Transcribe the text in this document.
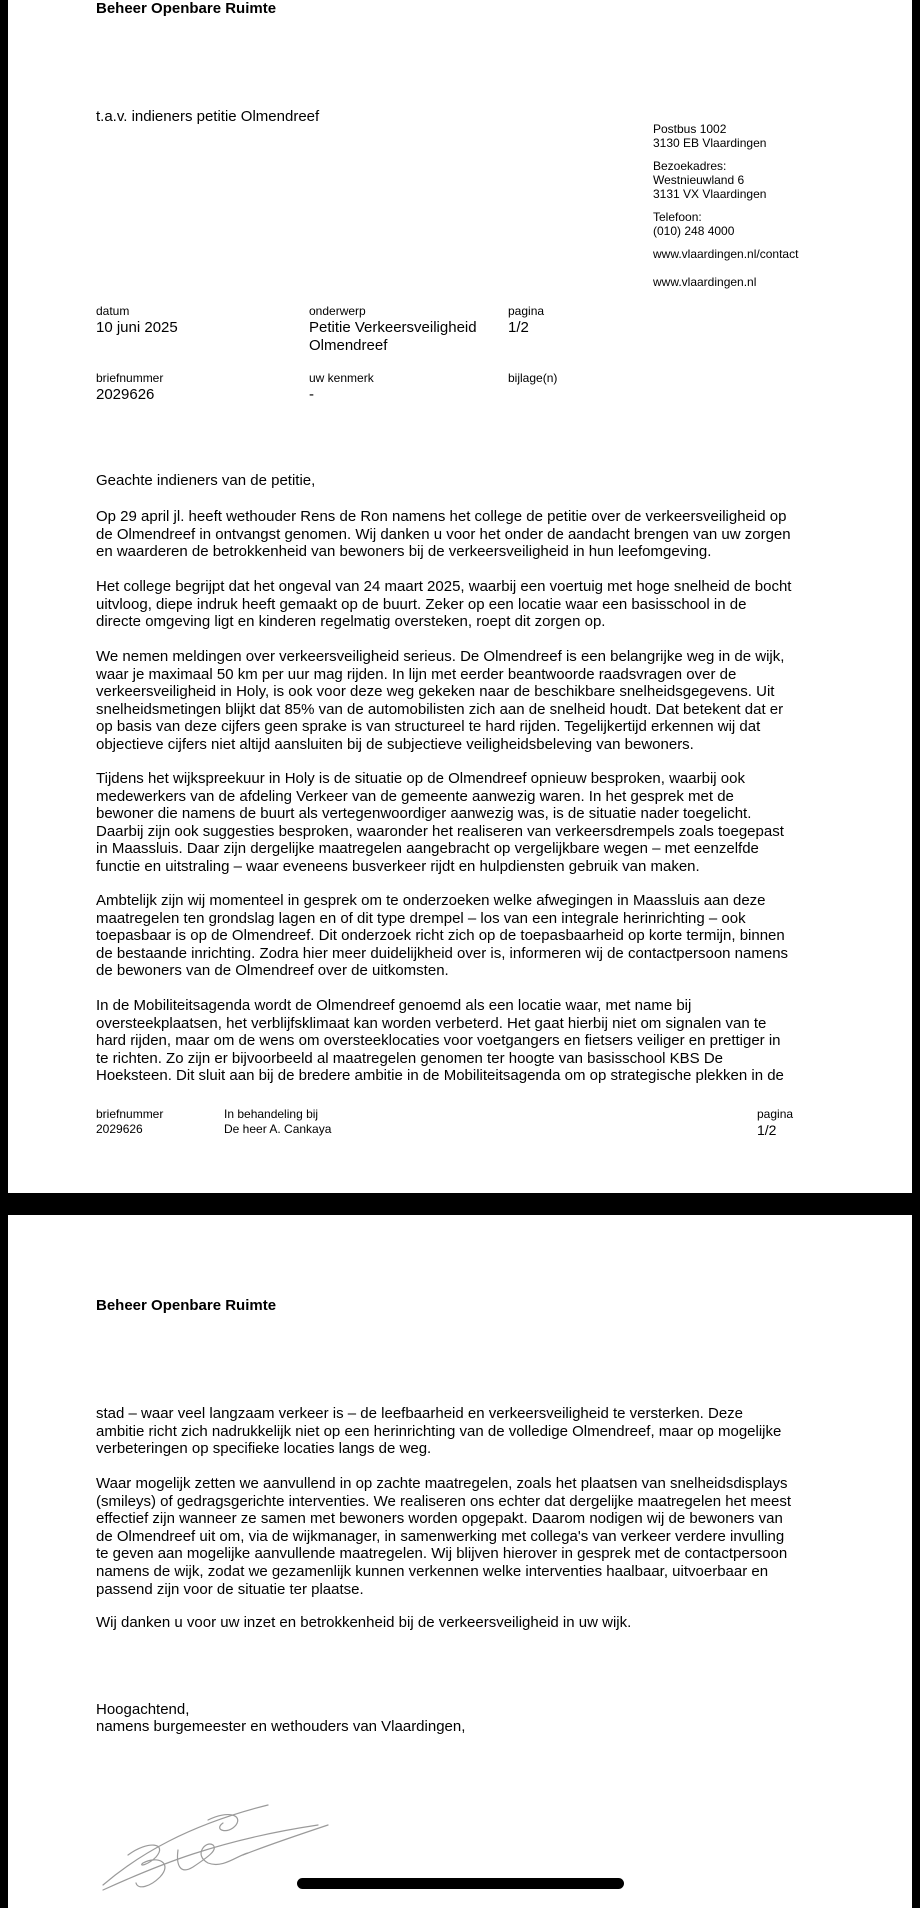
Beheer Openbare Ruimte

t.a.v. indieners petitie Olmendreef

Postbus 1002
3130 EB Vlaardingen

Bezoekadres:
Westnieuwland 6
3131 VX Vlaardingen

Telefoon:
(010) 248 4000

www.vlaardingen.nl/contact

www.vlaardingen.nl

datum

10 juni 2025

onderwerp

Petitie Verkeersveiligheid
Olmendreef

pagina

1/2

briefnummer

2029626

uw kenmerk

-

bijlage(n)

Geachte indieners van de petitie,

Op 29 april jl. heeft wethouder Rens de Ron namens het college de petitie over de verkeersveiligheid op
de Olmendreef in ontvangst genomen. Wij danken u voor het onder de aandacht brengen van uw zorgen
en waarderen de betrokkenheid van bewoners bij de verkeersveiligheid in hun leefomgeving.
Het college begrijpt dat het ongeval van 24 maart 2025, waarbij een voertuig met hoge snelheid de bocht
uitvloog, diepe indruk heeft gemaakt op de buurt. Zeker op een locatie waar een basisschool in de
directe omgeving ligt en kinderen regelmatig oversteken, roept dit zorgen op.
We nemen meldingen over verkeersveiligheid serieus. De Olmendreef is een belangrijke weg in de wijk,
waar je maximaal 50 km per uur mag rijden. In lijn met eerder beantwoorde raadsvragen over de
verkeersveiligheid in Holy, is ook voor deze weg gekeken naar de beschikbare snelheidsgegevens. Uit
snelheidsmetingen blijkt dat 85% van de automobilisten zich aan de snelheid houdt. Dat betekent dat er
op basis van deze cijfers geen sprake is van structureel te hard rijden. Tegelijkertijd erkennen wij dat
objectieve cijfers niet altijd aansluiten bij de subjectieve veiligheidsbeleving van bewoners.
Tijdens het wijkspreekuur in Holy is de situatie op de Olmendreef opnieuw besproken, waarbij ook
medewerkers van de afdeling Verkeer van de gemeente aanwezig waren. In het gesprek met de
bewoner die namens de buurt als vertegenwoordiger aanwezig was, is de situatie nader toegelicht.
Daarbij zijn ook suggesties besproken, waaronder het realiseren van verkeersdrempels zoals toegepast
in Maassluis. Daar zijn dergelijke maatregelen aangebracht op vergelijkbare wegen – met eenzelfde
functie en uitstraling – waar eveneens busverkeer rijdt en hulpdiensten gebruik van maken.
Ambtelijk zijn wij momenteel in gesprek om te onderzoeken welke afwegingen in Maassluis aan deze
maatregelen ten grondslag lagen en of dit type drempel – los van een integrale herinrichting – ook
toepasbaar is op de Olmendreef. Dit onderzoek richt zich op de toepasbaarheid op korte termijn, binnen
de bestaande inrichting. Zodra hier meer duidelijkheid over is, informeren wij de contactpersoon namens
de bewoners van de Olmendreef over de uitkomsten.
In de Mobiliteitsagenda wordt de Olmendreef genoemd als een locatie waar, met name bij
oversteekplaatsen, het verblijfsklimaat kan worden verbeterd. Het gaat hierbij niet om signalen van te
hard rijden, maar om de wens om oversteeklocaties voor voetgangers en fietsers veiliger en prettiger in
te richten. Zo zijn er bijvoorbeeld al maatregelen genomen ter hoogte van basisschool KBS De
Hoeksteen. Dit sluit aan bij de bredere ambitie in de Mobiliteitsagenda om op strategische plekken in de

briefnummer

2029626

In behandeling bij

De heer A. Cankaya

pagina

1/2

Beheer Openbare Ruimte

stad – waar veel langzaam verkeer is – de leefbaarheid en verkeersveiligheid te versterken. Deze
ambitie richt zich nadrukkelijk niet op een herinrichting van de volledige Olmendreef, maar op mogelijke
verbeteringen op specifieke locaties langs de weg.
Waar mogelijk zetten we aanvullend in op zachte maatregelen, zoals het plaatsen van snelheidsdisplays
(smileys) of gedragsgerichte interventies. We realiseren ons echter dat dergelijke maatregelen het meest
effectief zijn wanneer ze samen met bewoners worden opgepakt. Daarom nodigen wij de bewoners van
de Olmendreef uit om, via de wijkmanager, in samenwerking met collega's van verkeer verdere invulling
te geven aan mogelijke aanvullende maatregelen. Wij blijven hierover in gesprek met de contactpersoon
namens de wijk, zodat we gezamenlijk kunnen verkennen welke interventies haalbaar, uitvoerbaar en
passend zijn voor de situatie ter plaatse.
Wij danken u voor uw inzet en betrokkenheid bij de verkeersveiligheid in uw wijk.

Hoogachtend,

namens burgemeester en wethouders van Vlaardingen,
